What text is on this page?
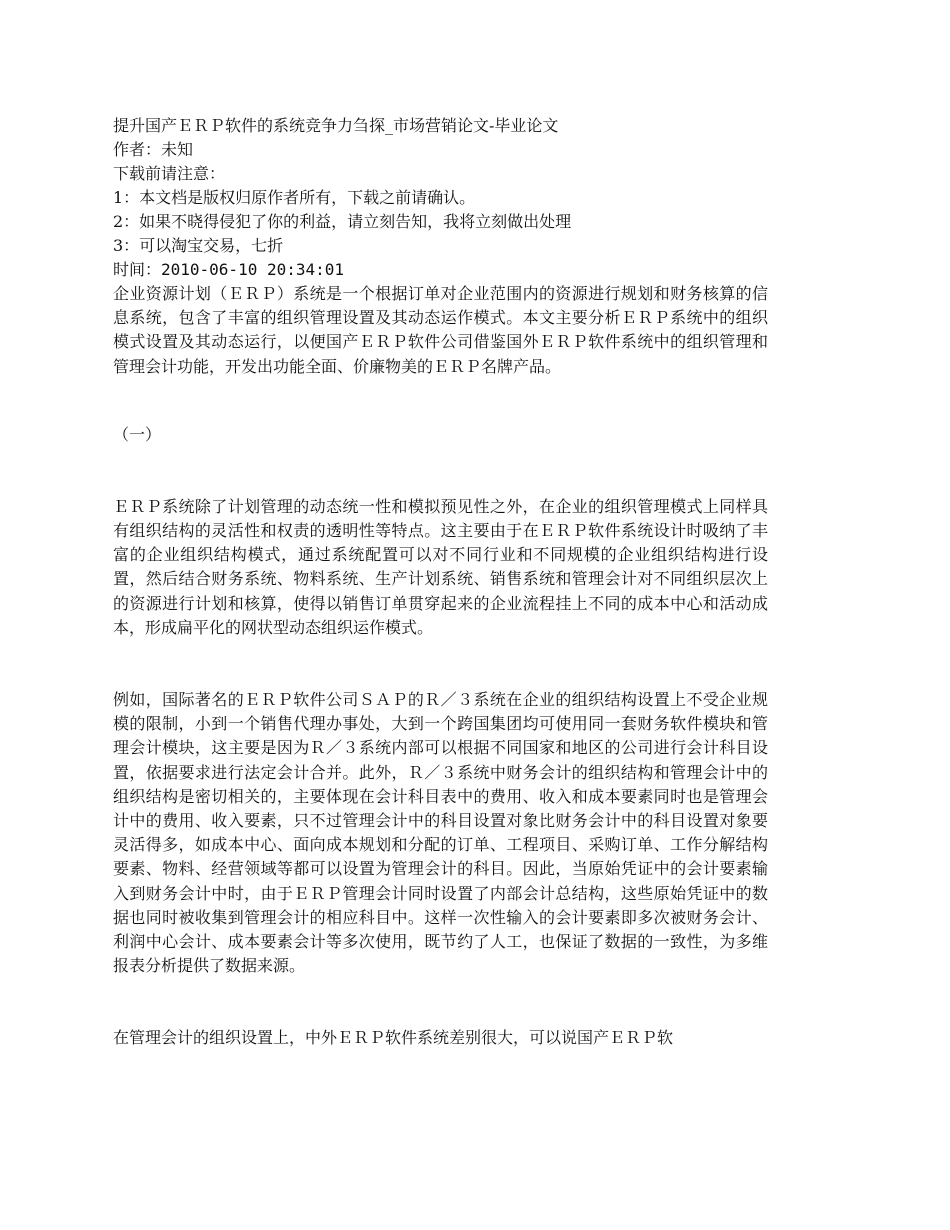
提升国产ＥＲＰ软件的系统竞争力刍探_市场营销论文-毕业论文

作者：未知

下载前请注意：

1：本文档是版权归原作者所有，下载之前请确认。

2：如果不晓得侵犯了你的利益，请立刻告知，我将立刻做出处理

3：可以淘宝交易，七折

时间：2010-06-10 20:34:01

企业资源计划（ＥＲＰ）系统是一个根据订单对企业范围内的资源进行规划和财务核算的信息系统，包含了丰富的组织管理设置及其动态运作模式。本文主要分析ＥＲＰ系统中的组织模式设置及其动态运行，以便国产ＥＲＰ软件公司借鉴国外ＥＲＰ软件系统中的组织管理和管理会计功能，开发出功能全面、价廉物美的ＥＲＰ名牌产品。

（一）

ＥＲＰ系统除了计划管理的动态统一性和模拟预见性之外，在企业的组织管理模式上同样具有组织结构的灵活性和权责的透明性等特点。这主要由于在ＥＲＰ软件系统设计时吸纳了丰富的企业组织结构模式，通过系统配置可以对不同行业和不同规模的企业组织结构进行设置，然后结合财务系统、物料系统、生产计划系统、销售系统和管理会计对不同组织层次上的资源进行计划和核算，使得以销售订单贯穿起来的企业流程挂上不同的成本中心和活动成本，形成扁平化的网状型动态组织运作模式。

例如，国际著名的ＥＲＰ软件公司ＳＡＰ的Ｒ／３系统在企业的组织结构设置上不受企业规模的限制，小到一个销售代理办事处，大到一个跨国集团均可使用同一套财务软件模块和管理会计模块，这主要是因为Ｒ／３系统内部可以根据不同国家和地区的公司进行会计科目设置，依据要求进行法定会计合并。此外，Ｒ／３系统中财务会计的组织结构和管理会计中的组织结构是密切相关的，主要体现在会计科目表中的费用、收入和成本要素同时也是管理会计中的费用、收入要素，只不过管理会计中的科目设置对象比财务会计中的科目设置对象要灵活得多，如成本中心、面向成本规划和分配的订单、工程项目、采购订单、工作分解结构要素、物料、经营领域等都可以设置为管理会计的科目。因此，当原始凭证中的会计要素输入到财务会计中时，由于ＥＲＰ管理会计同时设置了内部会计总结构，这些原始凭证中的数据也同时被收集到管理会计的相应科目中。这样一次性输入的会计要素即多次被财务会计、利润中心会计、成本要素会计等多次使用，既节约了人工，也保证了数据的一致性，为多维报表分析提供了数据来源。

在管理会计的组织设置上，中外ＥＲＰ软件系统差别很大，可以说国产ＥＲＰ软
